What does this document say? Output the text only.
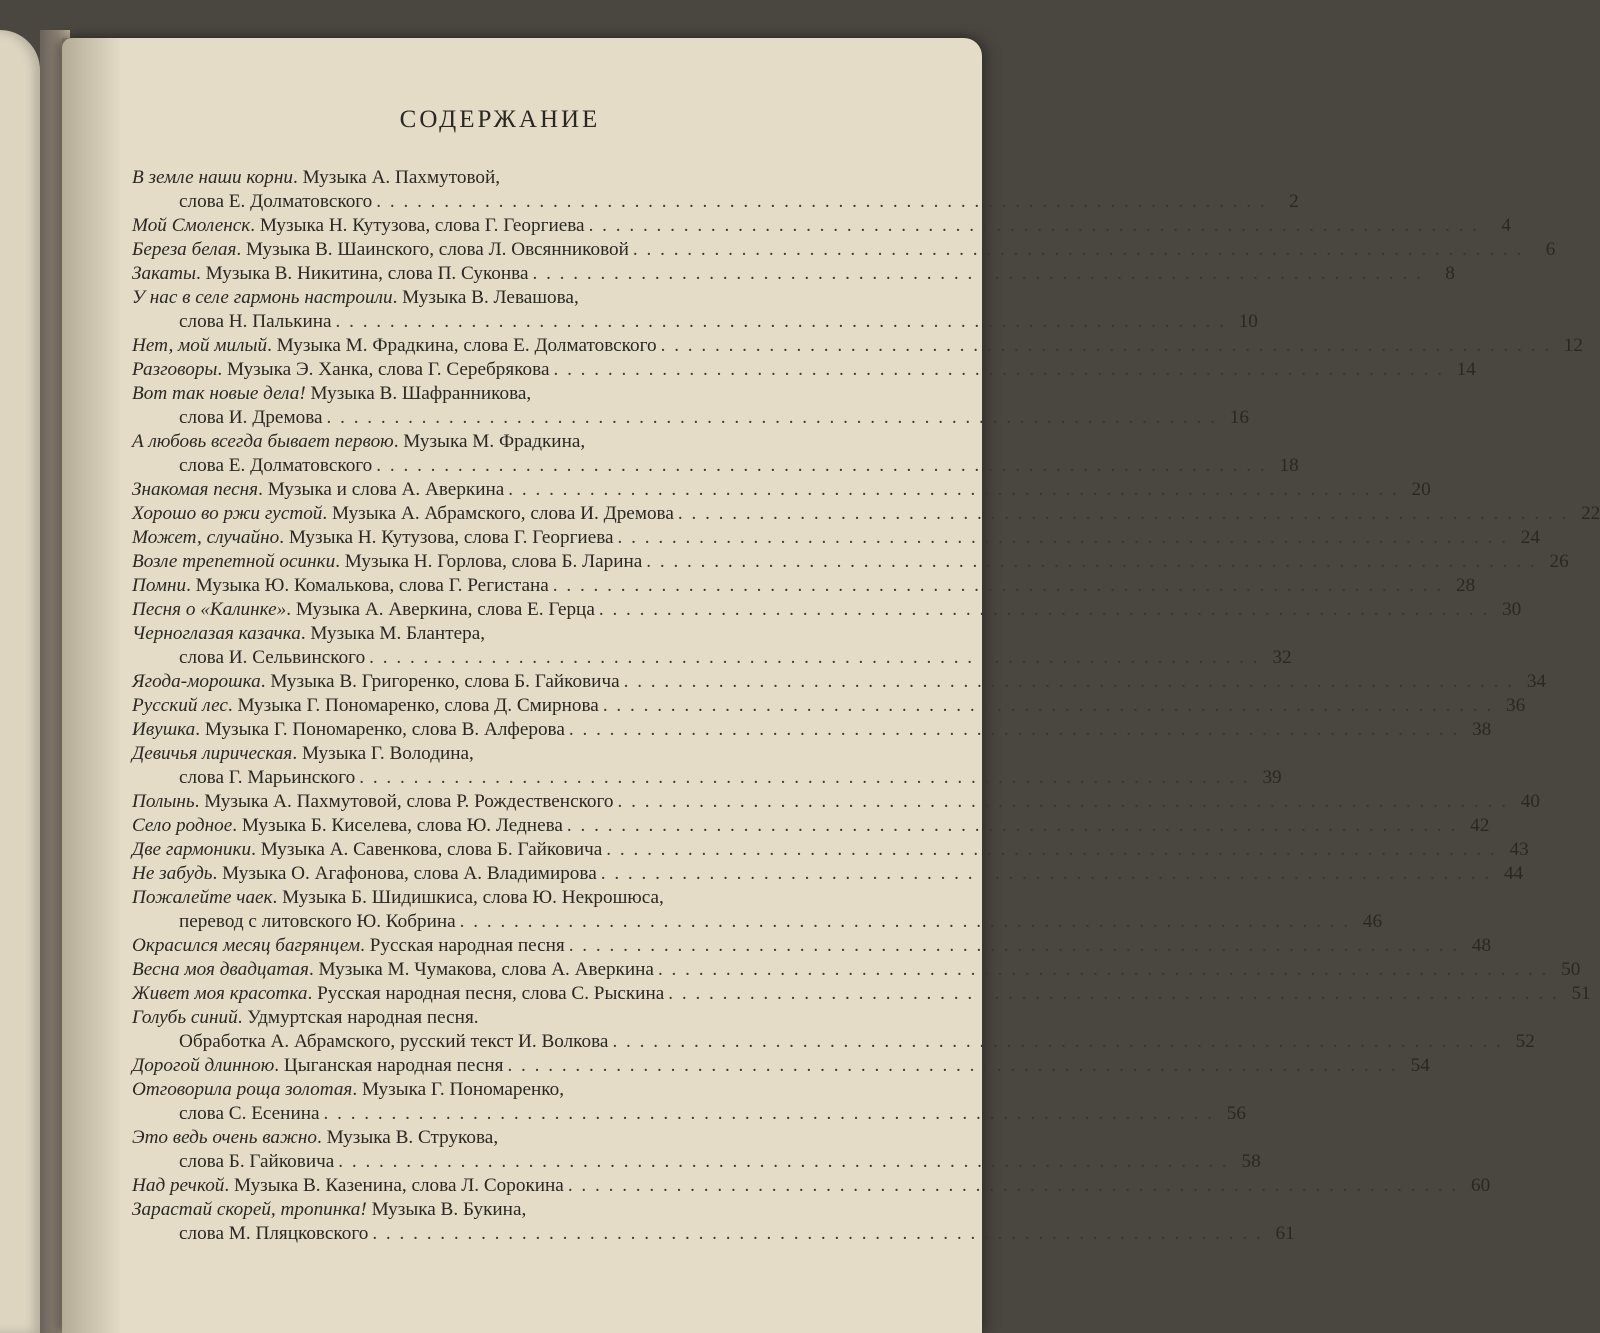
СОДЕРЖАНИЕ
В земле наши корни. Музыка А. Пахмутовой,
слова Е. Долматовского . . .	2
Мой Смоленск. Музыка Н. Кутузова, слова Г. Георгиева . . .	4
Береза белая. Музыка В. Шаинского, слова Л. Овсянниковой . . .	6
Закаты. Музыка В. Никитина, слова П. Суконва . . .	8
У нас в селе гармонь настроили. Музыка В. Левашова,
слова Н. Палькина . . .	10
Нет, мой милый. Музыка М. Фрадкина, слова Е. Долматовского . . .	12
Разговоры. Музыка Э. Ханка, слова Г. Серебрякова . . .	14
Вот так новые дела! Музыка В. Шафранникова,
слова И. Дремова . . .	16
А любовь всегда бывает первою. Музыка М. Фрадкина,
слова Е. Долматовского . . .	18
Знакомая песня. Музыка и слова А. Аверкина . . .	20
Хорошо во ржи густой. Музыка А. Абрамского, слова И. Дремова . . .	22
Может, случайно. Музыка Н. Кутузова, слова Г. Георгиева . . .	24
Возле трепетной осинки. Музыка Н. Горлова, слова Б. Ларина . . .	26
Помни. Музыка Ю. Комалькова, слова Г. Регистана . . .	28
Песня о «Калинке». Музыка А. Аверкина, слова Е. Герца . . .	30
Черноглазая казачка. Музыка М. Блантера,
слова И. Сельвинского . . .	32
Ягода-морошка. Музыка В. Григоренко, слова Б. Гайковича . . .	34
Русский лес. Музыка Г. Пономаренко, слова Д. Смирнова . . .	36
Ивушка. Музыка Г. Пономаренко, слова В. Алферова . . .	38
Девичья лирическая. Музыка Г. Володина,
слова Г. Марьинского . . .	39
Полынь. Музыка А. Пахмутовой, слова Р. Рождественского . . .	40
Село родное. Музыка Б. Киселева, слова Ю. Леднева . . .	42
Две гармоники. Музыка А. Савенкова, слова Б. Гайковича . . .	43
Не забудь. Музыка О. Агафонова, слова А. Владимирова . . .	44
Пожалейте чаек. Музыка Б. Шидишкиса, слова Ю. Некрошюса,
перевод с литовского Ю. Кобрина . . .	46
Окрасился месяц багрянцем. Русская народная песня . . .	48
Весна моя двадцатая. Музыка М. Чумакова, слова А. Аверкина . . .	50
Живет моя красотка. Русская народная песня, слова С. Рыскина . . .	51
Голубь синий. Удмуртская народная песня.
Обработка А. Абрамского, русский текст И. Волкова . . .	52
Дорогой длинною. Цыганская народная песня . . .	54
Отговорила роща золотая. Музыка Г. Пономаренко,
слова С. Есенина . . .	56
Это ведь очень важно. Музыка В. Струкова,
слова Б. Гайковича . . .	58
Над речкой. Музыка В. Казенина, слова Л. Сорокина . . .	60
Зарастай скорей, тропинка! Музыка В. Букина,
слова М. Пляцковского . . .	61
